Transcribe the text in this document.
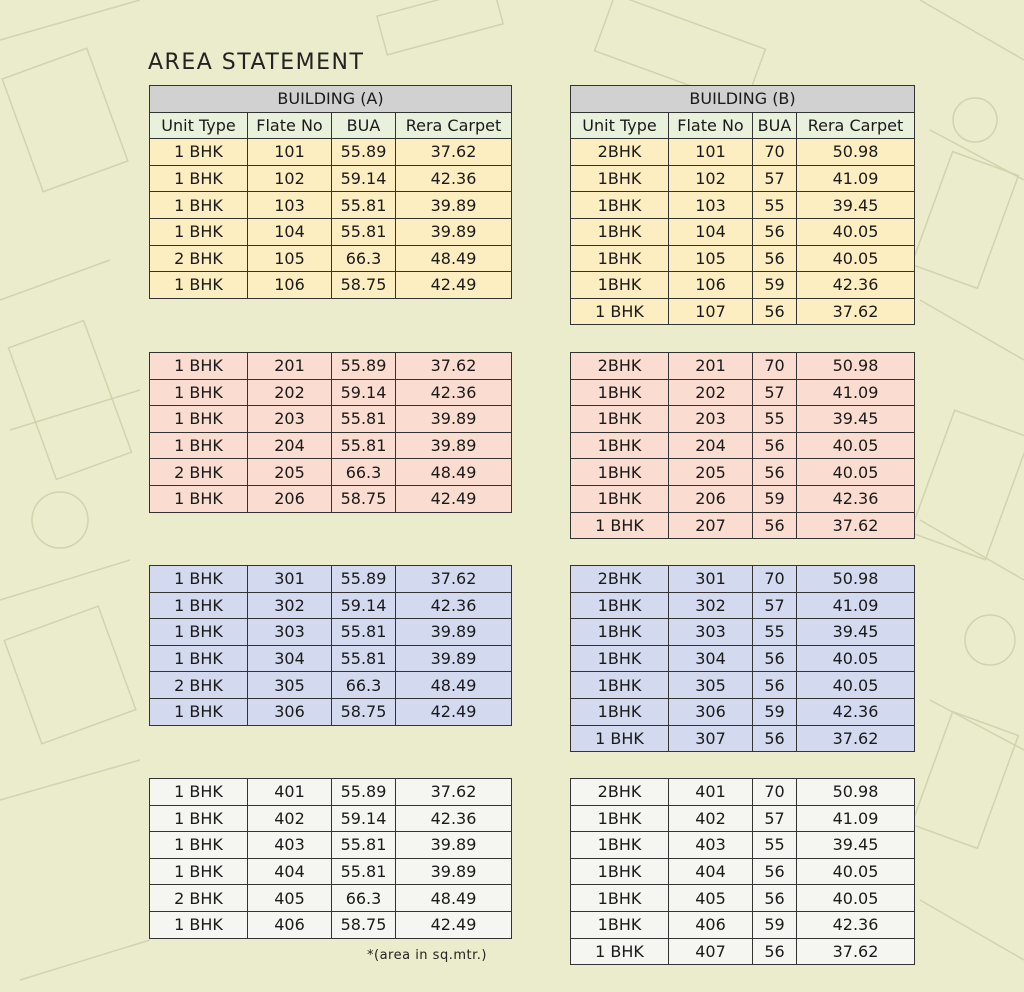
AREA STATEMENT
BUILDING (A)			
Unit Type	Flate No	BUA	Rera Carpet
1 BHK	101	55.89	37.62
1 BHK	102	59.14	42.36
1 BHK	103	55.81	39.89
1 BHK	104	55.81	39.89
2 BHK	105	66.3	48.49
1 BHK	106	58.75	42.49
1 BHK	201	55.89	37.62
1 BHK	202	59.14	42.36
1 BHK	203	55.81	39.89
1 BHK	204	55.81	39.89
2 BHK	205	66.3	48.49
1 BHK	206	58.75	42.49
1 BHK	301	55.89	37.62
1 BHK	302	59.14	42.36
1 BHK	303	55.81	39.89
1 BHK	304	55.81	39.89
2 BHK	305	66.3	48.49
1 BHK	306	58.75	42.49
1 BHK	401	55.89	37.62
1 BHK	402	59.14	42.36
1 BHK	403	55.81	39.89
1 BHK	404	55.81	39.89
2 BHK	405	66.3	48.49
1 BHK	406	58.75	42.49
BUILDING (B)			
Unit Type	Flate No	BUA	Rera Carpet
2BHK	101	70	50.98
1BHK	102	57	41.09
1BHK	103	55	39.45
1BHK	104	56	40.05
1BHK	105	56	40.05
1BHK	106	59	42.36
1 BHK	107	56	37.62
2BHK	201	70	50.98
1BHK	202	57	41.09
1BHK	203	55	39.45
1BHK	204	56	40.05
1BHK	205	56	40.05
1BHK	206	59	42.36
1 BHK	207	56	37.62
2BHK	301	70	50.98
1BHK	302	57	41.09
1BHK	303	55	39.45
1BHK	304	56	40.05
1BHK	305	56	40.05
1BHK	306	59	42.36
1 BHK	307	56	37.62
2BHK	401	70	50.98
1BHK	402	57	41.09
1BHK	403	55	39.45
1BHK	404	56	40.05
1BHK	405	56	40.05
1BHK	406	59	42.36
1 BHK	407	56	37.62
*(area in sq.mtr.)
